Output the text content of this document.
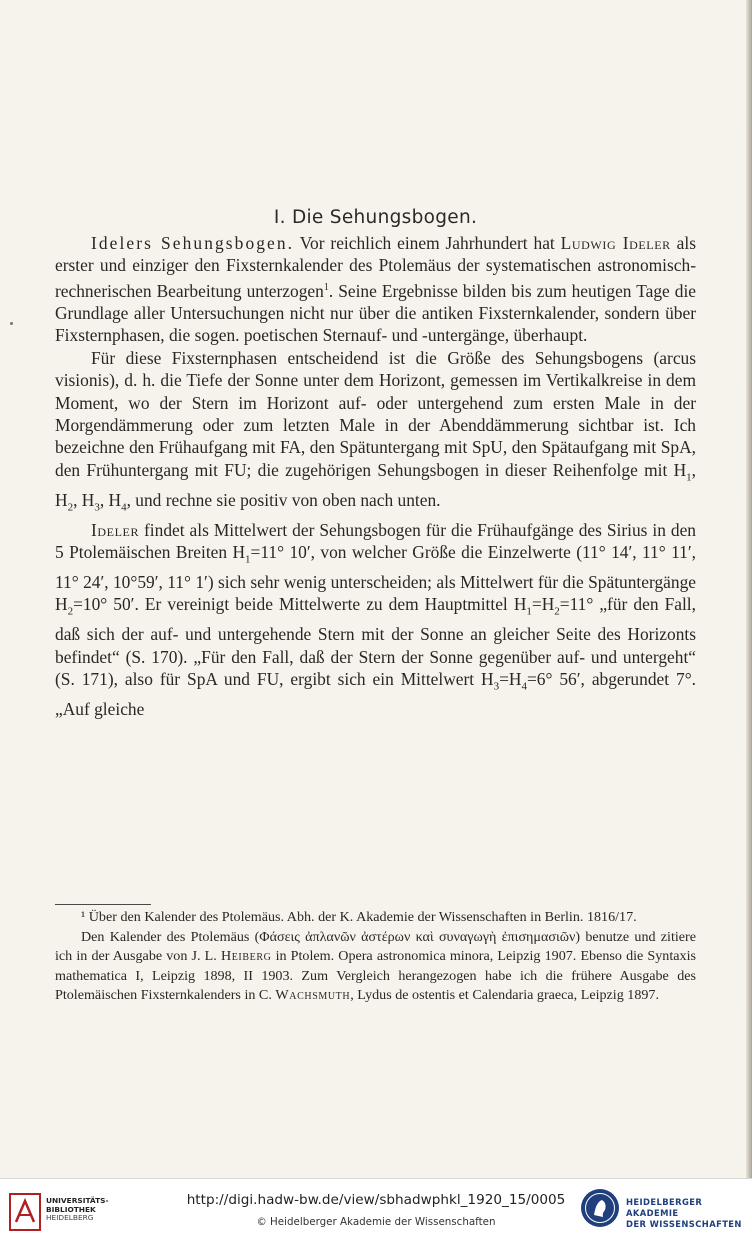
I. Die Sehungsbogen.

Idelers Sehungsbogen. Vor reichlich einem Jahrhundert hat Ludwig Ideler als erster und einziger den Fixsternkalender des Ptolemäus der systematischen astronomisch-rechnerischen Bearbeitung unterzogen$^1$. Seine Ergebnisse bilden bis zum heutigen Tage die Grundlage aller Untersuchungen nicht nur über die antiken Fixsternkalender, sondern über Fixsternphasen, die sogen. poetischen Sternauf- und -untergänge, überhaupt.

Für diese Fixsternphasen entscheidend ist die Größe des Sehungsbogens (arcus visionis), d. h. die Tiefe der Sonne unter dem Horizont, gemessen im Vertikalkreise in dem Moment, wo der Stern im Horizont auf- oder untergehend zum ersten Male in der Morgendämmerung oder zum letzten Male in der Abenddämmerung sichtbar ist. Ich bezeichne den Frühaufgang mit FA, den Spätuntergang mit SpU, den Spätaufgang mit SpA, den Frühuntergang mit FU; die zugehörigen Sehungsbogen in dieser Reihenfolge mit $H_1$, $H_2$, $H_3$, $H_4$, und rechne sie positiv von oben nach unten.

Ideler findet als Mittelwert der Sehungsbogen für die Frühaufgänge des Sirius in den 5 Ptolemäischen Breiten $H_1=11^\circ$ 10′, von welcher Größe die Einzelwerte (11° 14′, 11° 11′, 11° 24′, 10°59′, 11° 1′) sich sehr wenig unterscheiden; als Mittelwert für die Spätuntergänge $H_2=10^\circ$ 50′. Er vereinigt beide Mittelwerte zu dem Hauptmittel $H_1=H_2=11^\circ$ „für den Fall, daß sich der auf- und untergehende Stern mit der Sonne an gleicher Seite des Horizonts befindet“ (S. 170). „Für den Fall, daß der Stern der Sonne gegenüber auf- und untergeht“ (S. 171), also für SpA und FU, ergibt sich ein Mittelwert $H_3=H_4=6^\circ$ 56′, abgerundet 7°. „Auf gleiche

¹ Über den Kalender des Ptolemäus. Abh. der K. Akademie der Wissenschaften in Berlin. 1816/17.

Den Kalender des Ptolemäus (Φάσεις ἀπλανῶν ἀστέρων καὶ συναγωγὴ ἐπισημασιῶν) benutze und zitiere ich in der Ausgabe von J. L. Heiberg in Ptolem. Opera astronomica minora, Leipzig 1907. Ebenso die Syntaxis mathematica I, Leipzig 1898, II 1903. Zum Vergleich herangezogen habe ich die frühere Ausgabe des Ptolemäischen Fixsternkalenders in C. Wachsmuth, Lydus de ostentis et Calendaria graeca, Leipzig 1897.

UNIVERSITÄTS-
BIBLIOTHEK
HEIDELBERG
http://digi.hadw-bw.de/view/sbhadwphkl_1920_15/0005
© Heidelberger Akademie der Wissenschaften
HEIDELBERGER AKADEMIE
DER WISSENSCHAFTEN
